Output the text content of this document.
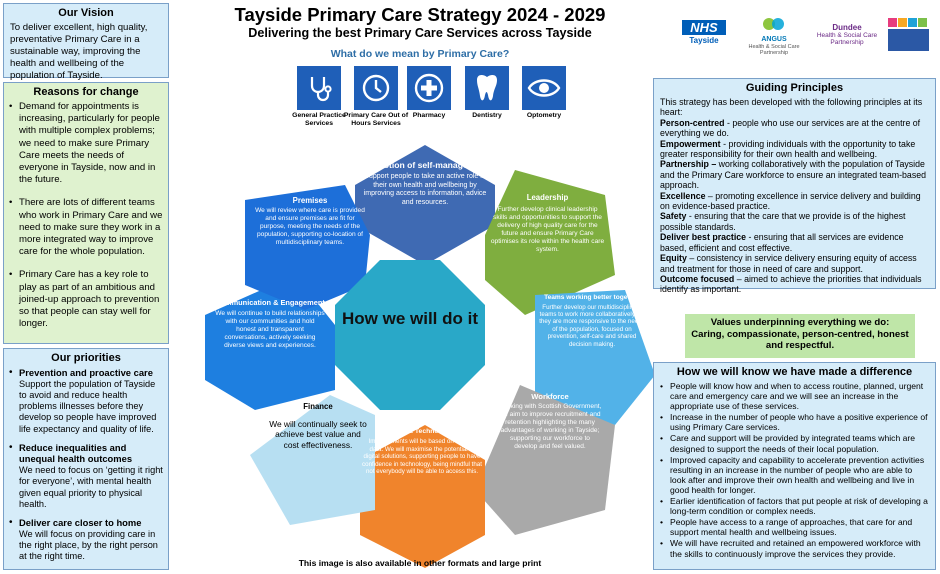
Our Vision

To deliver excellent, high quality, preventative Primary Care in a sustainable way, improving the health and wellbeing of the population of Tayside.

Reasons for change
• Demand for appointments is increasing, particularly for people with multiple complex problems; we need to make sure Primary Care meets the needs of everyone in Tayside, now and in the future.
• There are lots of different teams who work in Primary Care and we need to make sure they work in a more integrated way to improve care for the whole population.
• Primary Care has a key role to play as part of an ambitious and joined-up approach to prevention so that people can stay well for longer.
Our priorities
• Prevention and proactive care
Support the population of Tayside to avoid and reduce health problems illnesses before they develop so people have improved life expectancy and quality of life.
• Reduce inequalities and unequal health outcomes
We need to focus on ‘getting it right for everyone’, with mental health given equal priority to physical health.
• Deliver care closer to home
We will focus on providing care in the right place, by the right person at the right time.
Tayside Primary Care Strategy 2024 - 2029
Delivering the best Primary Care Services across Tayside
What do we mean by Primary Care?
General Practice Services
Primary Care Out of Hours Services
Pharmacy	Dentistry	Optometry
NHS
Tayside	ANGUS
Health & Social Care Partnership
Dundee
Health & Social Care Partnership
How we will do it
Promotion of self-management
Support people to take an active role in their own health and wellbeing by improving access to information, advice and resources.	Leadership
Further develop clinical leadership skills and opportunities to support the delivery of high quality care for the future and ensure Primary Care optimises its role within the health care system.
Teams working better together
Further develop our multidisciplinary teams to work more collaboratively, so they are more responsive to the needs of the population, focused on prevention, self-care and shared decision making.
Workforce
Working with Scottish Government, we aim to improve recruitment and retention highlighting the many advantages of working in Tayside; supporting our workforce to develop and feel valued.
Data & Technology
Improvements will be based on reliable data. We will maximise the potential of digital solutions, supporting people to have confidence in technology, being mindful that not everybody will be able to access this.
Finance
We will continually seek to achieve best value and cost effectiveness.
Communication & Engagement
We will continue to build relationships with our communities and hold honest and transparent conversations, actively seeking diverse views and experiences.
Premises
We will review where care is provided and ensure premises are fit for purpose, meeting the needs of the population, supporting co-location of multidisciplinary teams.
Guiding Principles

This strategy has been developed with the following principles at its heart:

Person-centred - people who use our services are at the centre of everything we do.

Empowerment - providing individuals with the opportunity to take greater responsibility for their own health and wellbeing.

Partnership – working collaboratively with the population of Tayside and the Primary Care workforce to ensure an integrated team-based approach.

Excellence – promoting excellence in service delivery and building on evidence-based practice.

Safety - ensuring that the care that we provide is of the highest possible standards.

Deliver best practice - ensuring that all services are evidence based, efficient and cost effective.

Equity – consistency in service delivery ensuring equity of access and treatment for those in need of care and support.

Outcome focused – aimed to achieve the priorities that individuals identify as important.

Values underpinning everything we do:

Caring, compassionate, person-centred, honest and respectful.

How we will know we have made a difference
• People will know how and when to access routine, planned, urgent care and emergency care and we will see an increase in the appropriate use of these services.
• Increase in the number of people who have a positive experience of using Primary Care services.
• Care and support will be provided by integrated teams which are designed to support the needs of their local population.
• Improved capacity and capability to accelerate prevention activities resulting in an increase in the number of people who are able to look after and improve their own health and wellbeing and live in good health for longer.
• Earlier identification of factors that put people at risk of developing a long-term condition or complex needs.
• People have access to a range of approaches, that care for and support mental health and wellbeing issues.
• We will have recruited and retained an empowered workforce with the skills to continuously improve the services they provide.
This image is also available in other formats and large print
